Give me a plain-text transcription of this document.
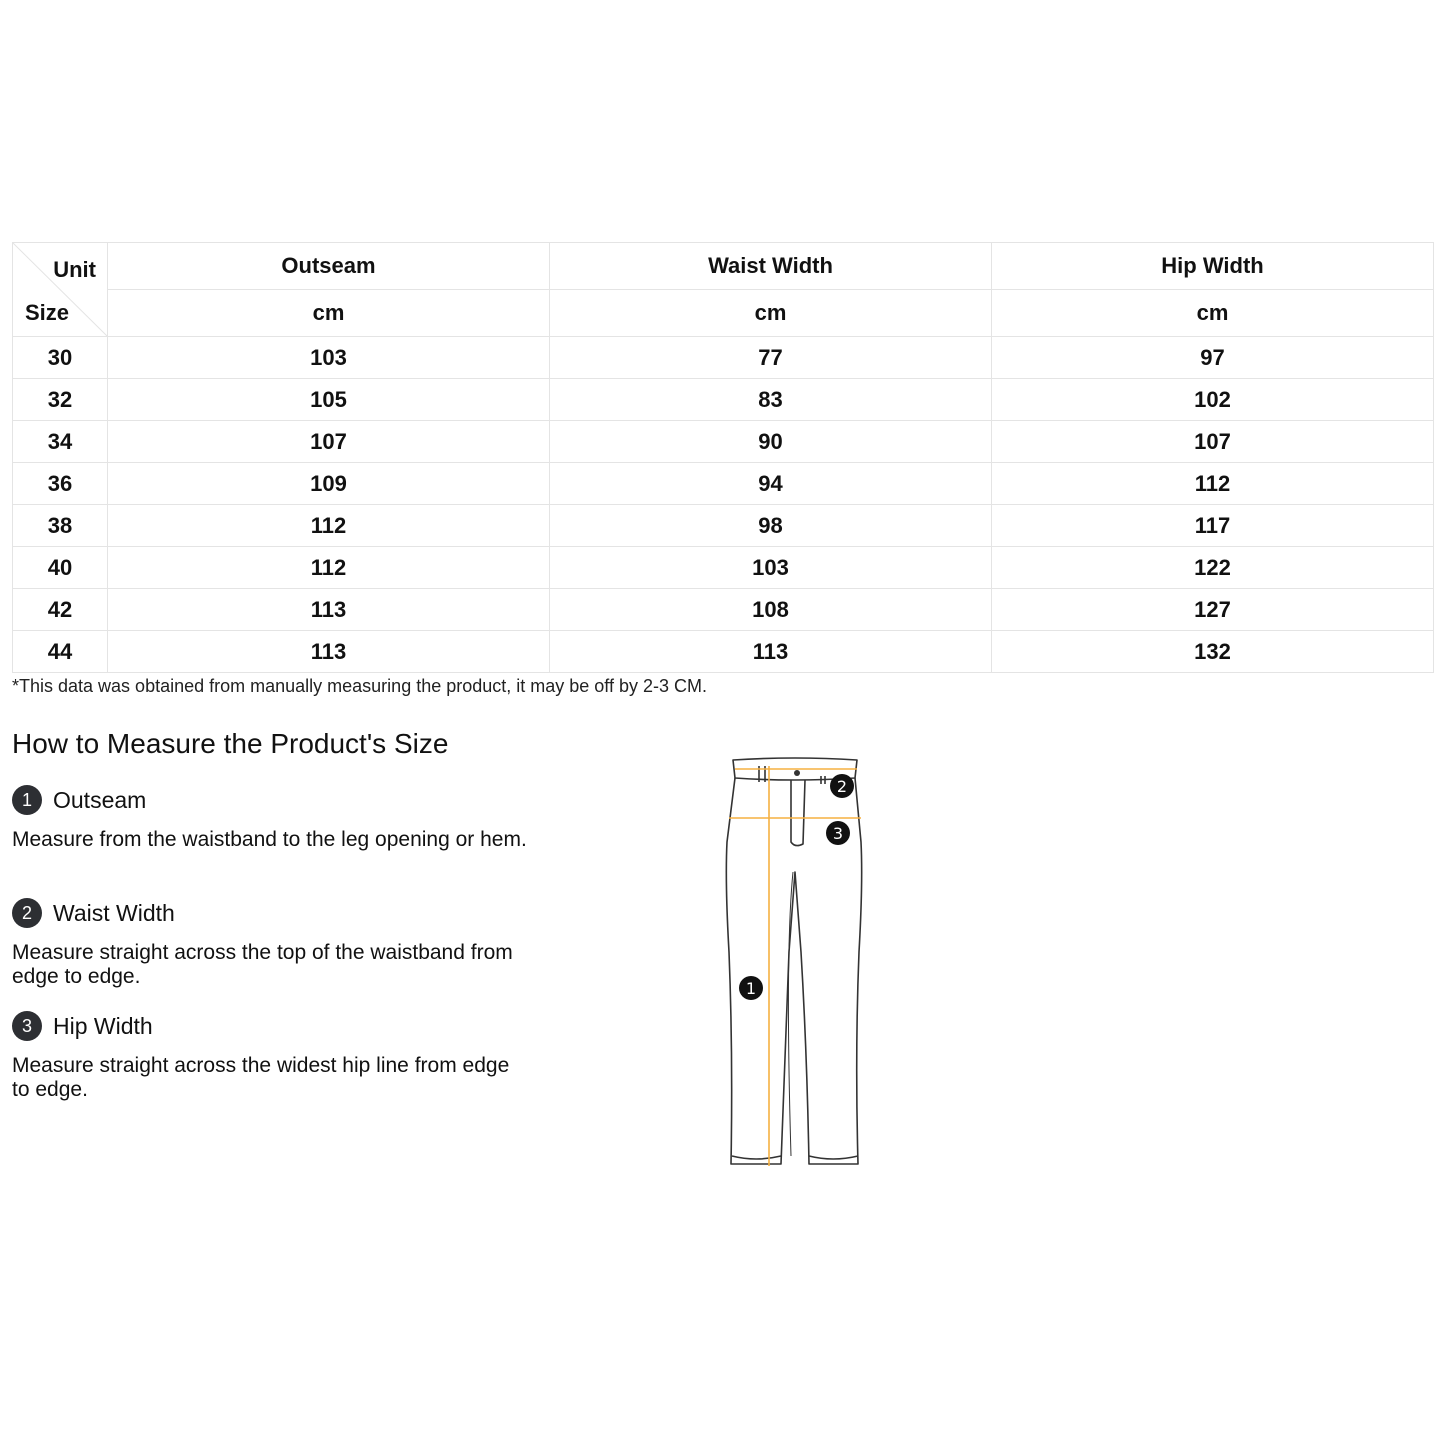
Unit
Size	Outseam	Waist Width	Hip Width
	cm	cm	cm
30	103	77	97
32	105	83	102
34	107	90	107
36	109	94	112
38	112	98	117
40	112	103	122
42	113	108	127
44	113	113	132
*This data was obtained from manually measuring the product, it may be off by 2-3 CM.
How to Measure the Product's Size
1 Outseam
Measure from the waistband to the leg opening or hem.
2 Waist Width
Measure straight across the top of the waistband from edge to edge.
3 Hip Width
Measure straight across the widest hip line from edge to edge.
1
2
3
